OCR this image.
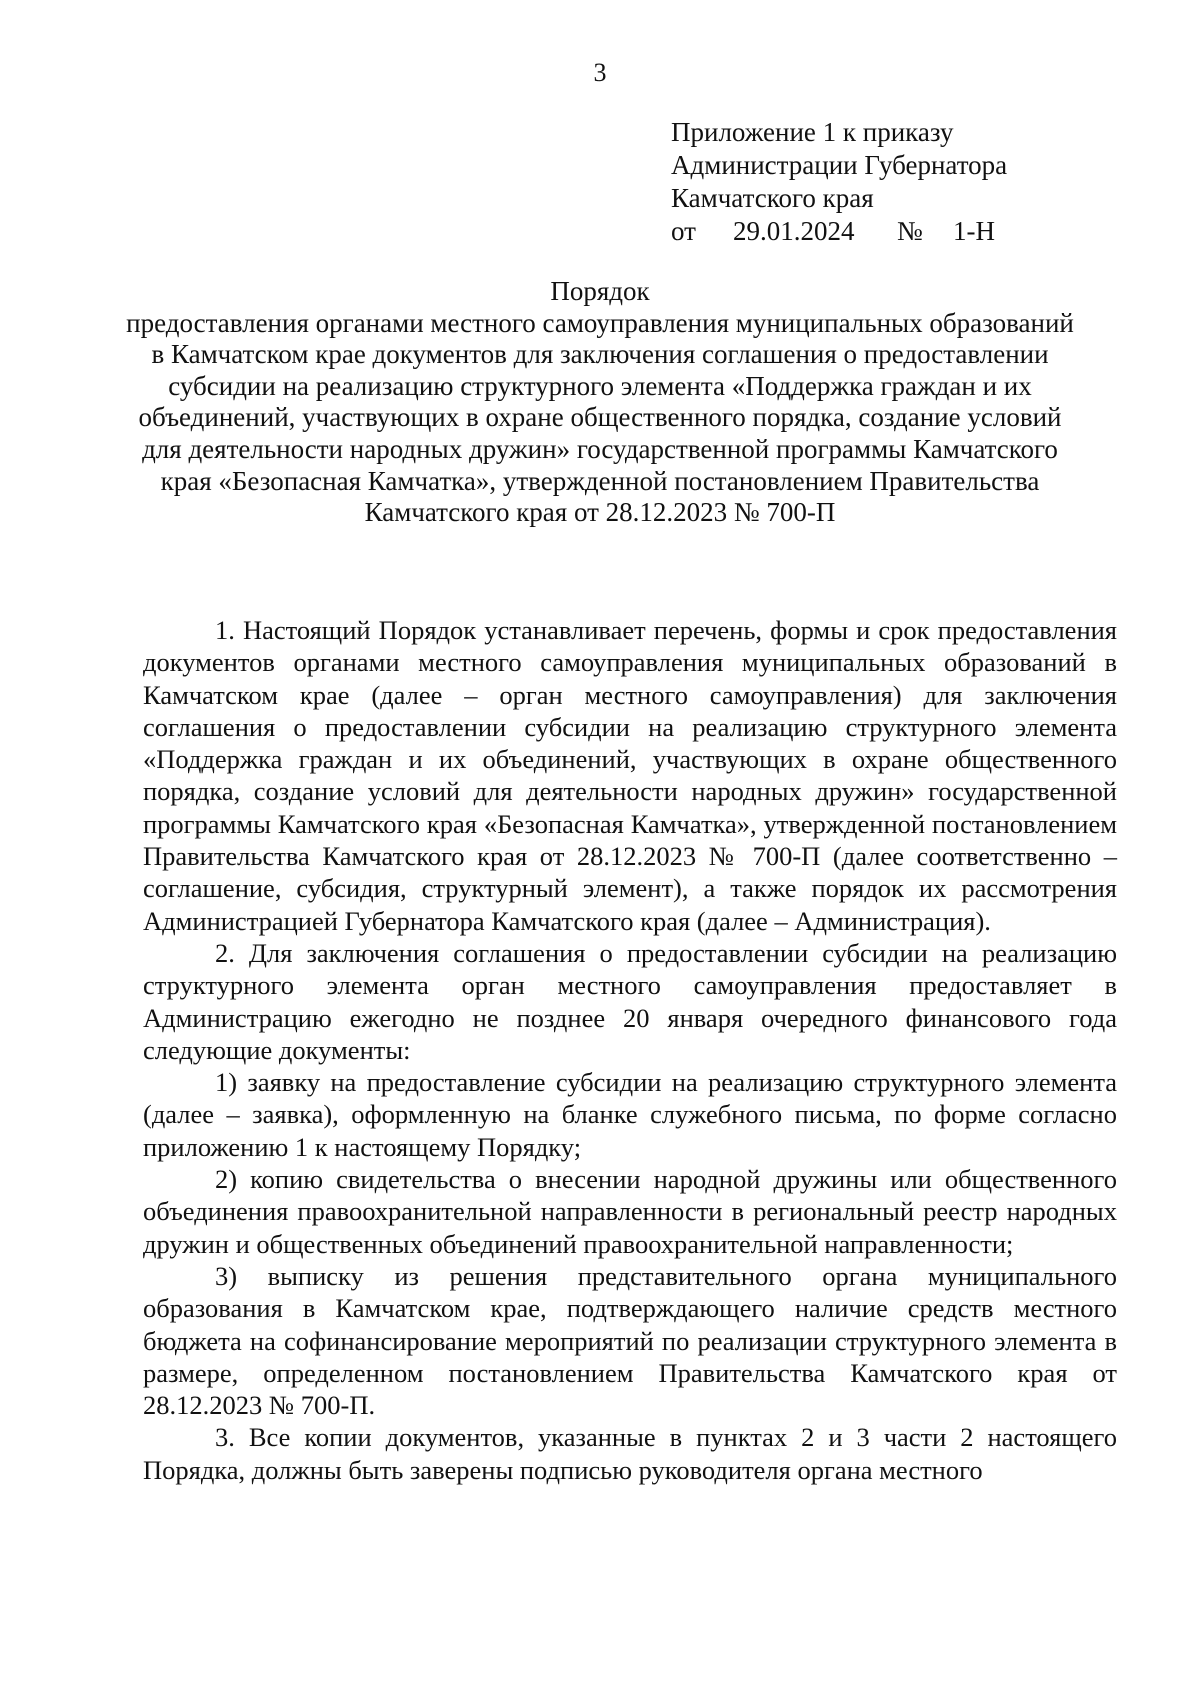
3
Приложение 1 к приказу
Администрации Губернатора
Камчатского края
от 29.01.2024 № 1-Н
Порядок
предоставления органами местного самоуправления муниципальных образований в Камчатском крае документов для заключения соглашения о предоставлении субсидии на реализацию структурного элемента «Поддержка граждан и их объединений, участвующих в охране общественного порядка, создание условий для деятельности народных дружин» государственной программы Камчатского края «Безопасная Камчатка», утвержденной постановлением Правительства Камчатского края от 28.12.2023 № 700-П

1. Настоящий Порядок устанавливает перечень, формы и срок предоставления документов органами местного самоуправления муниципальных образований в Камчатском крае (далее – орган местного самоуправления) для заключения соглашения о предоставлении субсидии на реализацию структурного элемента «Поддержка граждан и их объединений, участвующих в охране общественного порядка, создание условий для деятельности народных дружин» государственной программы Камчатского края «Безопасная Камчатка», утвержденной постановлением Правительства Камчатского края от 28.12.2023 № 700-П (далее соответственно – соглашение, субсидия, структурный элемент), а также порядок их рассмотрения Администрацией Губернатора Камчатского края (далее – Администрация).

2. Для заключения соглашения о предоставлении субсидии на реализацию структурного элемента орган местного самоуправления предоставляет в Администрацию ежегодно не позднее 20 января очередного финансового года следующие документы:

1) заявку на предоставление субсидии на реализацию структурного элемента (далее – заявка), оформленную на бланке служебного письма, по форме согласно приложению 1 к настоящему Порядку;

2) копию свидетельства о внесении народной дружины или общественного объединения правоохранительной направленности в региональный реестр народных дружин и общественных объединений правоохранительной направленности;

3) выписку из решения представительного органа муниципального образования в Камчатском крае, подтверждающего наличие средств местного бюджета на софинансирование мероприятий по реализации структурного элемента в размере, определенном постановлением Правительства Камчатского края от 28.12.2023 № 700-П.

3. Все копии документов, указанные в пунктах 2 и 3 части 2 настоящего Порядка, должны быть заверены подписью руководителя органа местного
